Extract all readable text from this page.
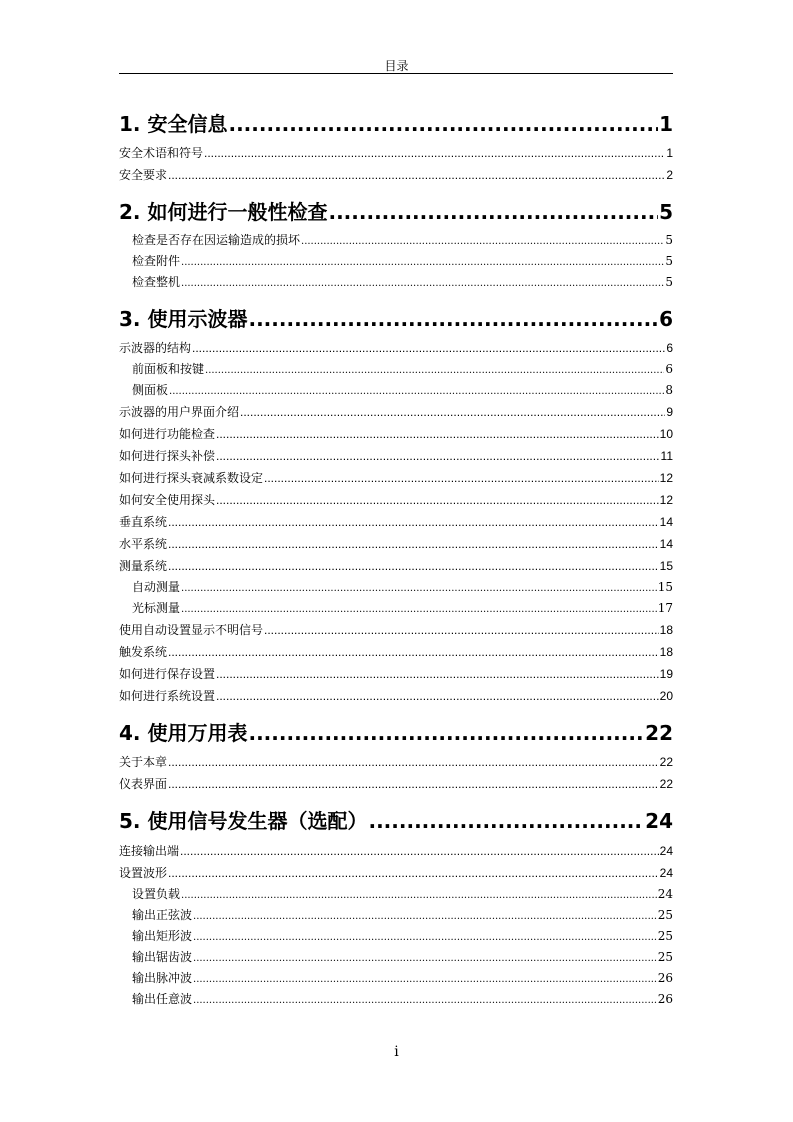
目录
1. 安全信息 .....	1
安全术语和符号 .....	1
安全要求 .....	2
2. 如何进行一般性检查 .....	5
检查是否存在因运输造成的损坏 .....	5
检查附件 .....	5
检查整机 .....	5
3. 使用示波器 .....	6
示波器的结构 .....	6
前面板和按键 .....	6
侧面板 .....	8
示波器的用户界面介绍 .....	9
如何进行功能检查 .....	10
如何进行探头补偿 .....	11
如何进行探头衰减系数设定 .....	12
如何安全使用探头 .....	12
垂直系统 .....	14
水平系统 .....	14
测量系统 .....	15
自动测量 .....	15
光标测量 .....	17
使用自动设置显示不明信号 .....	18
触发系统 .....	18
如何进行保存设置 .....	19
如何进行系统设置 .....	20
4. 使用万用表 .....	22
关于本章 .....	22
仪表界面 .....	22
5. 使用信号发生器（选配） .....	24
连接输出端 .....	24
设置波形 .....	24
设置负载 .....	24
输出正弦波 .....	25
输出矩形波 .....	25
输出锯齿波 .....	25
输出脉冲波 .....	26
输出任意波 .....	26
i
